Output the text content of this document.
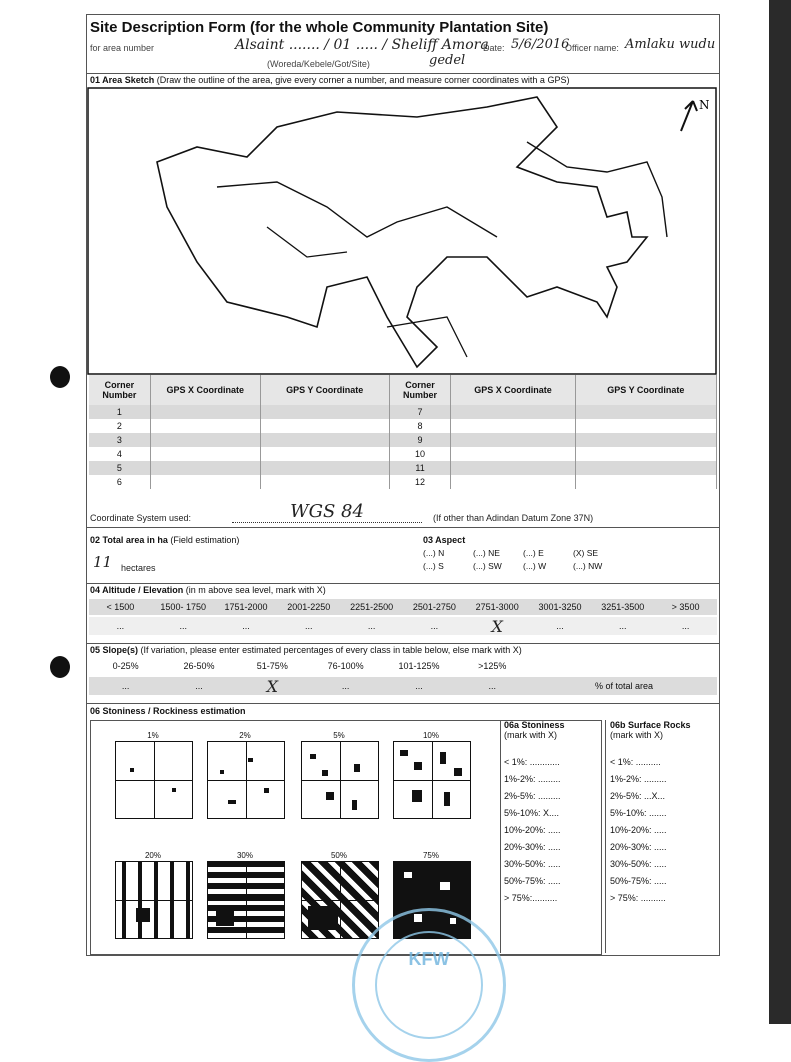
Site Description Form (for the whole Community Plantation Site)
for area number	Alsaint ....... / 01 ..... / Sheliff Amora
Date: 5/6/2016
Officer name: Amlaku wudu
(Woreda/Kebele/Got/Site)	gedel
01 Area Sketch (Draw the outline of the area, give every corner a number, and measure corner coordinates with a GPS)
N
Corner Number	GPS X Coordinate	GPS Y Coordinate	Corner Number	GPS X Coordinate	GPS Y Coordinate
1			7		
2			8		
3			9		
4			10		
5			11		
6			12		
Coordinate System used:	WGS 84	(If other than Adindan Datum Zone 37N)
02 Total area in ha (Field estimation)
11 hectares
03 Aspect
(...) N	(...) NE	(...) E	(X) SE
(...) S	(...) SW	(...) W	(...) NW
04 Altitude / Elevation (in m above sea level, mark with X)
< 1500	1500- 1750	1751-2000	2001-2250	2251-2500	2501-2750	2751-3000	3001-3250	3251-3500	> 3500
...	...	...	...	...	...	X	...	...	...
05 Slope(s) (If variation, please enter estimated percentages of every class in table below, else mark with X)
0-25%	26-50%	51-75%	76-100%	101-125%	>125%
...	...	X	...	...	...	% of total area
06 Stoniness / Rockiness estimation
1%	2%	5%	10%
20%	30%	50%	75%
06a Stoniness
(mark with X)
< 1%: ............
1%-2%: .........
2%-5%: .........
5%-10%: X....
10%-20%: .....
20%-30%: .....
30%-50%: .....
50%-75%: .....
> 75%:..........
06b Surface Rocks
(mark with X)
< 1%: ..........
1%-2%: .........
2%-5%: ...X...
5%-10%: .......
10%-20%: .....
20%-30%: .....
30%-50%: .....
50%-75%: .....
> 75%: ..........
KFW
